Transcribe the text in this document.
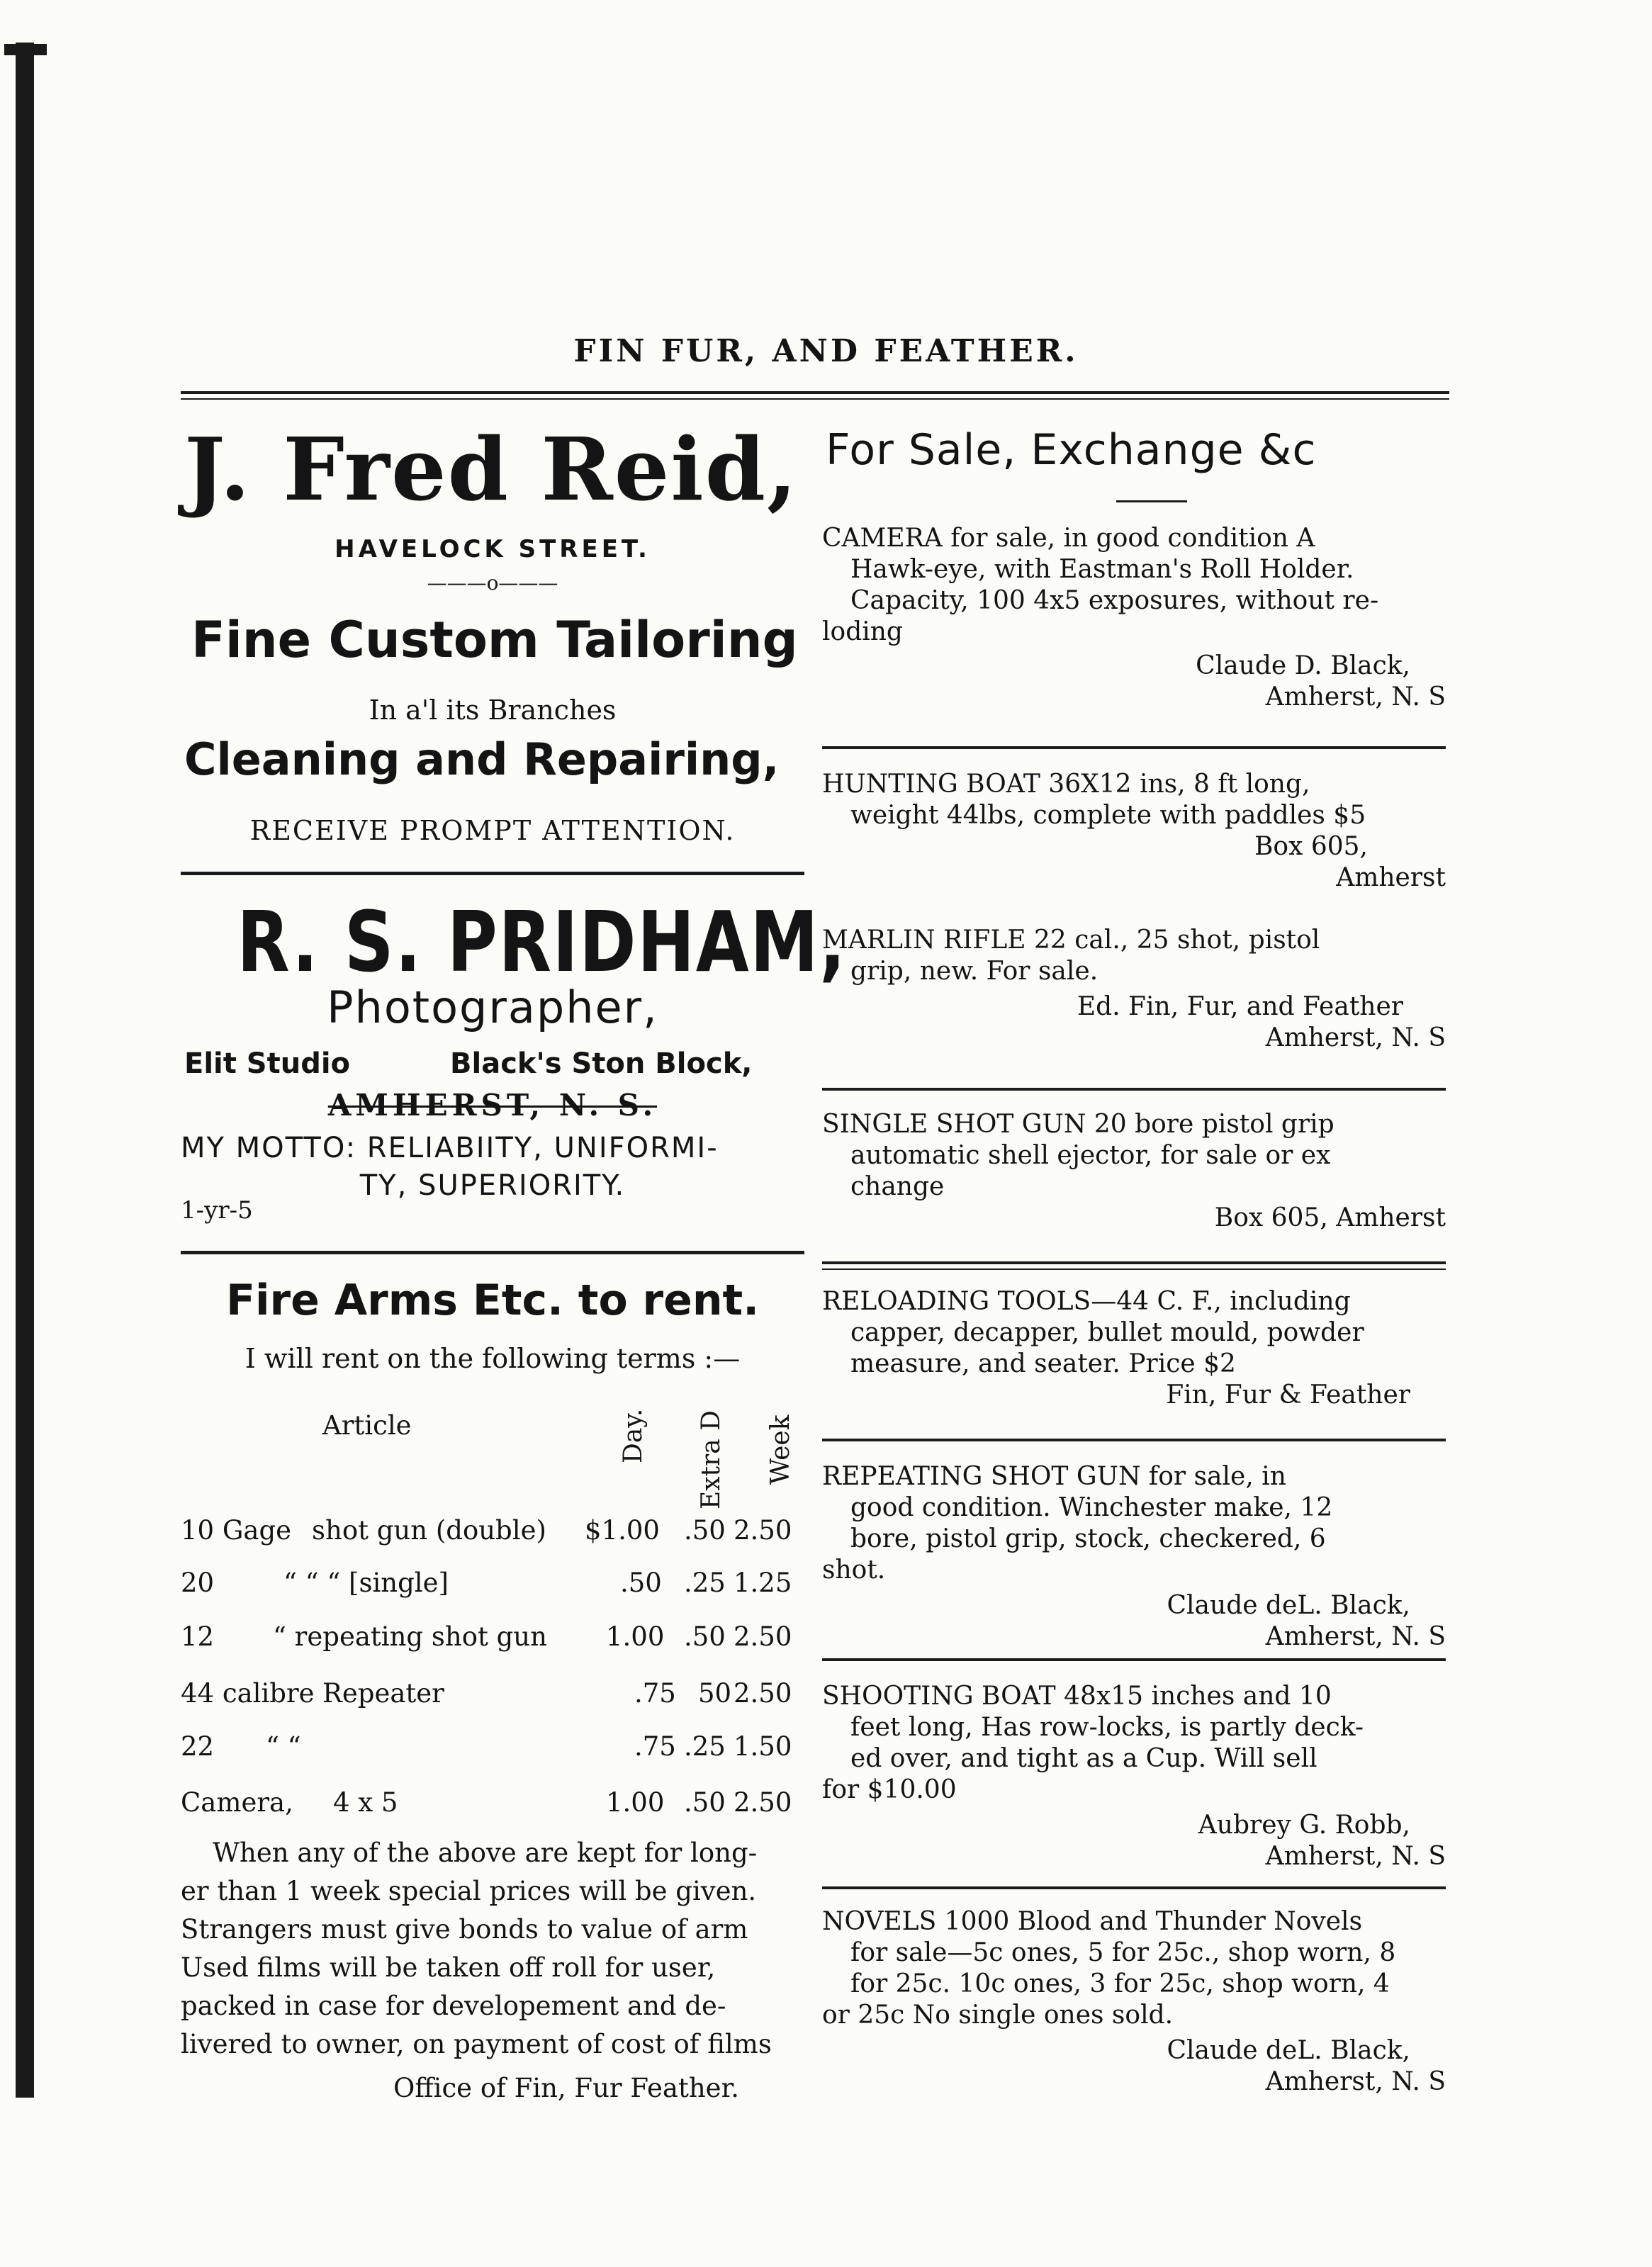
FIN FUR, AND FEATHER.
J. Fred Reid,
HAVELOCK STREET.
———o———
Fine Custom Tailoring
In a'l its Branches
Cleaning and Repairing,
RECEIVE PROMPT ATTENTION.
R. S. PRIDHAM,
Photographer,
Elit Studio	Black's Ston Block,
AMHERST, N. S.
MY MOTTO: RELIABIITY, UNIFORMI-
TY, SUPERIORITY.
1-yr-5
Fire Arms Etc. to rent.
I will rent on the following terms :—
Article	Day. Extra D Week
10 Gage shot gun (double) $1.00 .50 2.50
20	“ “ “ [single]	.50 .25 1.25
12 “ repeating shot gun 1.00 .50 2.50
44 calibre Repeater	.75 50 2.50
22 “ “	.75 .25 1.50
Camera, 4 x 5	1.00 .50 2.50
When any of the above are kept for long-
er than 1 week special prices will be given.
Strangers must give bonds to value of arm
Used films will be taken off roll for user,
packed in case for developement and de-
livered to owner, on payment of cost of films
Office of Fin, Fur Feather.
For Sale, Exchange &c

CAMERA for sale, in good condition A

Hawk-eye, with Eastman's Roll Holder.

Capacity, 100 4x5 exposures, without re-

loding

Claude D. Black,

Amherst, N. S

HUNTING BOAT 36X12 ins, 8 ft long,

weight 44lbs, complete with paddles $5

Box 605,

Amherst

MARLIN RIFLE 22 cal., 25 shot, pistol

grip, new. For sale.

Ed. Fin, Fur, and Feather

Amherst, N. S

SINGLE SHOT GUN 20 bore pistol grip

automatic shell ejector, for sale or ex

change

Box 605, Amherst

RELOADING TOOLS—44 C. F., including

capper, decapper, bullet mould, powder

measure, and seater. Price $2

Fin, Fur & Feather

REPEATING SHOT GUN for sale, in

good condition. Winchester make, 12

bore, pistol grip, stock, checkered, 6

shot.

Claude deL. Black,

Amherst, N. S

SHOOTING BOAT 48x15 inches and 10

feet long, Has row-locks, is partly deck-

ed over, and tight as a Cup. Will sell

for $10.00

Aubrey G. Robb,

Amherst, N. S

NOVELS 1000 Blood and Thunder Novels

for sale—5c ones, 5 for 25c., shop worn, 8

for 25c. 10c ones, 3 for 25c, shop worn, 4

or 25c No single ones sold.

Claude deL. Black,

Amherst, N. S
